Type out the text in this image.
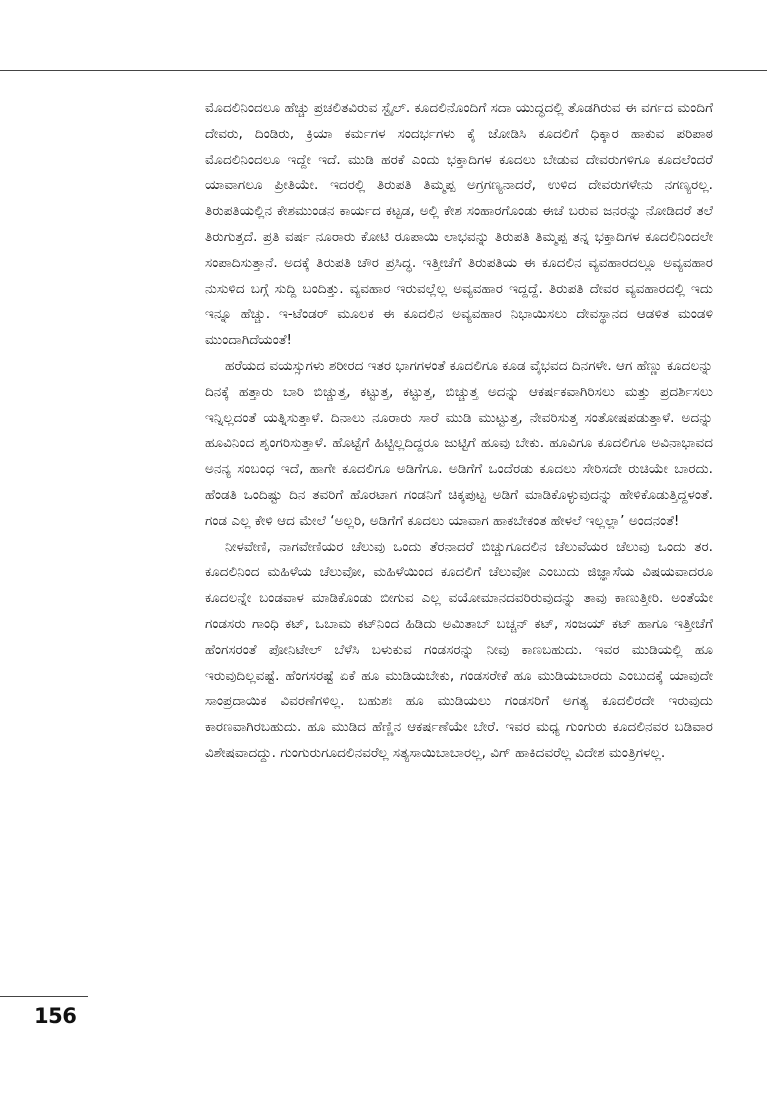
ಮೊದಲಿನಿಂದಲೂ ಹೆಚ್ಚು ಪ್ರಚಲಿತವಿರುವ ಸ್ಟೈಲ್. ಕೂದಲಿನೊಂದಿಗೆ ಸದಾ ಯುದ್ಧದಲ್ಲಿ ತೊಡಗಿರುವ ಈ ವರ್ಗದ ಮಂದಿಗೆ ದೇವರು, ದಿಂಡಿರು, ಕ್ರಿಯಾ ಕರ್ಮಗಳ ಸಂದರ್ಭಗಳು ಕೈ ಜೋಡಿಸಿ ಕೂದಲಿಗೆ ಧಿಕ್ಕಾರ ಹಾಕುವ ಪರಿಪಾಠ ಮೊದಲಿನಿಂದಲೂ ಇದ್ದೇ ಇದೆ. ಮುಡಿ ಹರಕೆ ಎಂದು ಭಕ್ತಾದಿಗಳ ಕೂದಲು ಬೇಡುವ ದೇವರುಗಳಿಗೂ ಕೂದಲೆಂದರೆ ಯಾವಾಗಲೂ ಪ್ರೀತಿಯೇ. ಇದರಲ್ಲಿ ತಿರುಪತಿ ತಿಮ್ಮಪ್ಪ ಅಗ್ರಗಣ್ಯನಾದರೆ, ಉಳಿದ ದೇವರುಗಳೇನು ನಗಣ್ಯರಲ್ಲ. ತಿರುಪತಿಯಲ್ಲಿನ ಕೇಶಮುಂಡನ ಕಾರ್ಯದ ಕಟ್ಟಡ, ಅಲ್ಲಿ ಕೇಶ ಸಂಹಾರಗೊಂಡು ಈಚೆ ಬರುವ ಜನರನ್ನು ನೋಡಿದರೆ ತಲೆ ತಿರುಗುತ್ತದೆ. ಪ್ರತಿ ವರ್ಷ ನೂರಾರು ಕೋಟಿ ರೂಪಾಯಿ ಲಾಭವನ್ನು ತಿರುಪತಿ ತಿಮ್ಮಪ್ಪ ತನ್ನ ಭಕ್ತಾದಿಗಳ ಕೂದಲಿನಿಂದಲೇ ಸಂಪಾದಿಸುತ್ತಾನೆ. ಅದಕ್ಕೆ ತಿರುಪತಿ ಚೌರ ಪ್ರಸಿದ್ಧ. ಇತ್ತೀಚೆಗೆ ತಿರುಪತಿಯ ಈ ಕೂದಲಿನ ವ್ಯವಹಾರದಲ್ಲೂ ಅವ್ಯವಹಾರ ನುಸುಳಿದ ಬಗ್ಗೆ ಸುದ್ದಿ ಬಂದಿತ್ತು. ವ್ಯವಹಾರ ಇರುವಲ್ಲೆಲ್ಲ ಅವ್ಯವಹಾರ ಇದ್ದದ್ದೆ. ತಿರುಪತಿ ದೇವರ ವ್ಯವಹಾರದಲ್ಲಿ ಇದು ಇನ್ನೂ ಹೆಚ್ಚು. ಇ-ಟೆಂಡರ್ ಮೂಲಕ ಈ ಕೂದಲಿನ ಅವ್ಯವಹಾರ ನಿಭಾಯಿಸಲು ದೇವಸ್ಥಾನದ ಆಡಳಿತ ಮಂಡಳಿ ಮುಂದಾಗಿದೆಯಂತೆ!

ಹರೆಯದ ವಯಸ್ಸುಗಳು ಶರೀರದ ಇತರ ಭಾಗಗಳಂತೆ ಕೂದಲಿಗೂ ಕೂಡ ವೈಭವದ ದಿನಗಳೇ. ಆಗ ಹೆಣ್ಣು ಕೂದಲನ್ನು ದಿನಕ್ಕೆ ಹತ್ತಾರು ಬಾರಿ ಬಿಚ್ಚುತ್ತ, ಕಟ್ಟುತ್ತ, ಕಟ್ಟುತ್ತ, ಬಿಚ್ಚುತ್ತ ಅದನ್ನು ಆಕರ್ಷಕವಾಗಿರಿಸಲು ಮತ್ತು ಪ್ರದರ್ಶಿಸಲು ಇನ್ನಿಲ್ಲದಂತೆ ಯತ್ನಿಸುತ್ತಾಳೆ. ದಿನಾಲು ನೂರಾರು ಸಾರೆ ಮುಡಿ ಮುಟ್ಟುತ್ತ, ನೇವರಿಸುತ್ತ ಸಂತೋಷಪಡುತ್ತಾಳೆ. ಅದನ್ನು ಹೂವಿನಿಂದ ಶೃಂಗರಿಸುತ್ತಾಳೆ. ಹೊಟ್ಟೆಗೆ ಹಿಟ್ಟಿಲ್ಲದಿದ್ದರೂ ಜುಟ್ಟಿಗೆ ಹೂವು ಬೇಕು. ಹೂವಿಗೂ ಕೂದಲಿಗೂ ಅವಿನಾಭಾವದ ಅನನ್ಯ ಸಂಬಂಧ ಇದೆ, ಹಾಗೇ ಕೂದಲಿಗೂ ಅಡಿಗೆಗೂ. ಅಡಿಗೆಗೆ ಒಂದೆರಡು ಕೂದಲು ಸೇರಿಸದೇ ರುಚಿಯೇ ಬಾರದು. ಹೆಂಡತಿ ಒಂದಿಷ್ಟು ದಿನ ತವರಿಗೆ ಹೊರಟಾಗ ಗಂಡನಿಗೆ ಚಿಕ್ಕಪುಟ್ಟ ಅಡಿಗೆ ಮಾಡಿಕೊಳ್ಳುವುದನ್ನು ಹೇಳಿಕೊಡುತ್ತಿದ್ದಳಂತೆ. ಗಂಡ ಎಲ್ಲ ಕೇಳಿ ಆದ ಮೇಲೆ ‘ಅಲ್ಲರಿ, ಅಡಿಗೆಗೆ ಕೂದಲು ಯಾವಾಗ ಹಾಕಬೇಕಂತ ಹೇಳಲೆ ಇಲ್ಲಲ್ಲಾ’ ಅಂದನಂತೆ!

ನೀಳವೇಣಿ, ನಾಗವೇಣಿಯರ ಚೆಲುವು ಒಂದು ತೆರನಾದರೆ ಬಿಚ್ಚುಗೂದಲಿನ ಚೆಲುವೆಯರ ಚೆಲುವು ಒಂದು ತರ. ಕೂದಲಿನಿಂದ ಮಹಿಳೆಯ ಚೆಲುವೋ, ಮಹಿಳೆಯಿಂದ ಕೂದಲಿಗೆ ಚೆಲುವೋ ಎಂಬುದು ಜಿಜ್ಞಾಸೆಯ ವಿಷಯವಾದರೂ ಕೂದಲನ್ನೇ ಬಂಡವಾಳ ಮಾಡಿಕೊಂಡು ಬೀಗುವ ಎಲ್ಲ ವಯೋಮಾನದವರಿರುವುದನ್ನು ತಾವು ಕಾಣುತ್ತೀರಿ. ಅಂತೆಯೇ ಗಂಡಸರು ಗಾಂಧಿ ಕಟ್, ಒಬಾಮ ಕಟ್‌ನಿಂದ ಹಿಡಿದು ಅಮಿತಾಬ್ ಬಚ್ಚನ್ ಕಟ್, ಸಂಜಯ್ ಕಟ್ ಹಾಗೂ ಇತ್ತೀಚೆಗೆ ಹೆಂಗಸರಂತೆ ಪೋನಿಟೇಲ್ ಬೆಳೆಸಿ ಬಳುಕುವ ಗಂಡಸರನ್ನು ನೀವು ಕಾಣಬಹುದು. ಇವರ ಮುಡಿಯಲ್ಲಿ ಹೂ ಇರುವುದಿಲ್ಲವಷ್ಟೆ. ಹೆಂಗಸರಷ್ಟೆ ಏಕೆ ಹೂ ಮುಡಿಯಬೇಕು, ಗಂಡಸರೇಕೆ ಹೂ ಮುಡಿಯಬಾರದು ಎಂಬುದಕ್ಕೆ ಯಾವುದೇ ಸಾಂಪ್ರದಾಯಿಕ ವಿವರಣೆಗಳಿಲ್ಲ. ಬಹುಶಃ ಹೂ ಮುಡಿಯಲು ಗಂಡಸರಿಗೆ ಅಗತ್ಯ ಕೂದಲಿರದೇ ಇರುವುದು ಕಾರಣವಾಗಿರಬಹುದು. ಹೂ ಮುಡಿದ ಹೆಣ್ಣಿನ ಆಕರ್ಷಣೆಯೇ ಬೇರೆ. ಇವರ ಮಧ್ಯ ಗುಂಗುರು ಕೂದಲಿನವರ ಬಡಿವಾರ ವಿಶೇಷವಾದದ್ದು. ಗುಂಗುರುಗೂದಲಿನವರೆಲ್ಲ ಸತ್ಯಸಾಯಿಬಾಬಾರಲ್ಲ, ವಿಗ್ ಹಾಕಿದವರೆಲ್ಲ ವಿದೇಶ ಮಂತ್ರಿಗಳಲ್ಲ.

156
